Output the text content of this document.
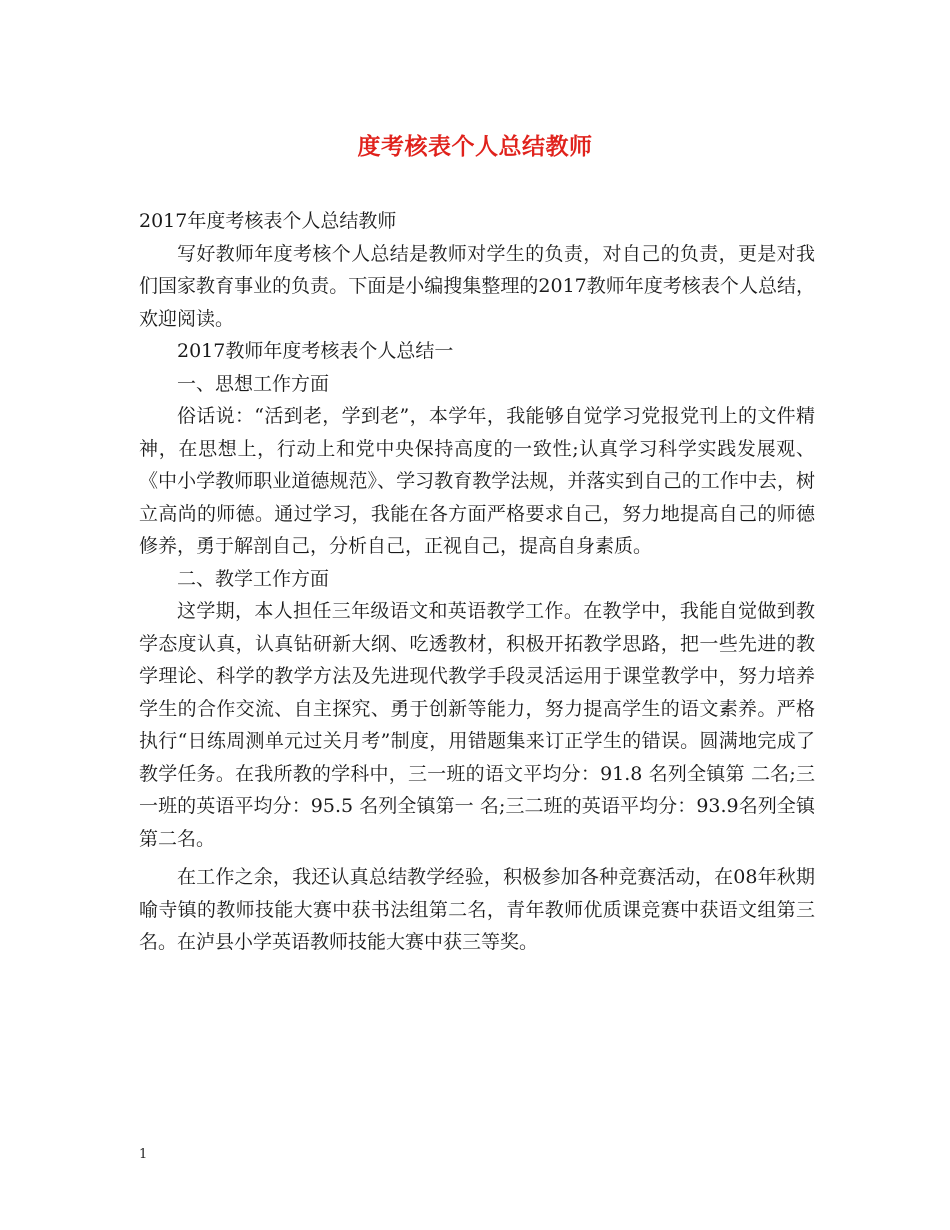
度考核表个人总结教师

2017年度考核表个人总结教师

写好教师年度考核个人总结是教师对学生的负责，对自己的负责，更是对我们国家教育事业的负责。下面是小编搜集整理的2017教师年度考核表个人总结，欢迎阅读。

2017教师年度考核表个人总结一

一、思想工作方面

俗话说：“活到老，学到老”，本学年，我能够自觉学习党报党刊上的文件精神，在思想上，行动上和党中央保持高度的一致性;认真学习科学实践发展观、《中小学教师职业道德规范》、学习教育教学法规，并落实到自己的工作中去，树立高尚的师德。通过学习，我能在各方面严格要求自己，努力地提高自己的师德修养，勇于解剖自己，分析自己，正视自己，提高自身素质。

二、教学工作方面

这学期，本人担任三年级语文和英语教学工作。在教学中，我能自觉做到教学态度认真，认真钻研新大纲、吃透教材，积极开拓教学思路，把一些先进的教学理论、科学的教学方法及先进现代教学手段灵活运用于课堂教学中，努力培养学生的合作交流、自主探究、勇于创新等能力，努力提高学生的语文素养。严格执行“日练周测单元过关月考”制度，用错题集来订正学生的错误。圆满地完成了教学任务。在我所教的学科中，三一班的语文平均分：91.8 名列全镇第 二名;三一班的英语平均分：95.5 名列全镇第一 名;三二班的英语平均分：93.9名列全镇第二名。

在工作之余，我还认真总结教学经验，积极参加各种竞赛活动，在08年秋期喻寺镇的教师技能大赛中获书法组第二名，青年教师优质课竞赛中获语文组第三名。在泸县小学英语教师技能大赛中获三等奖。

1
